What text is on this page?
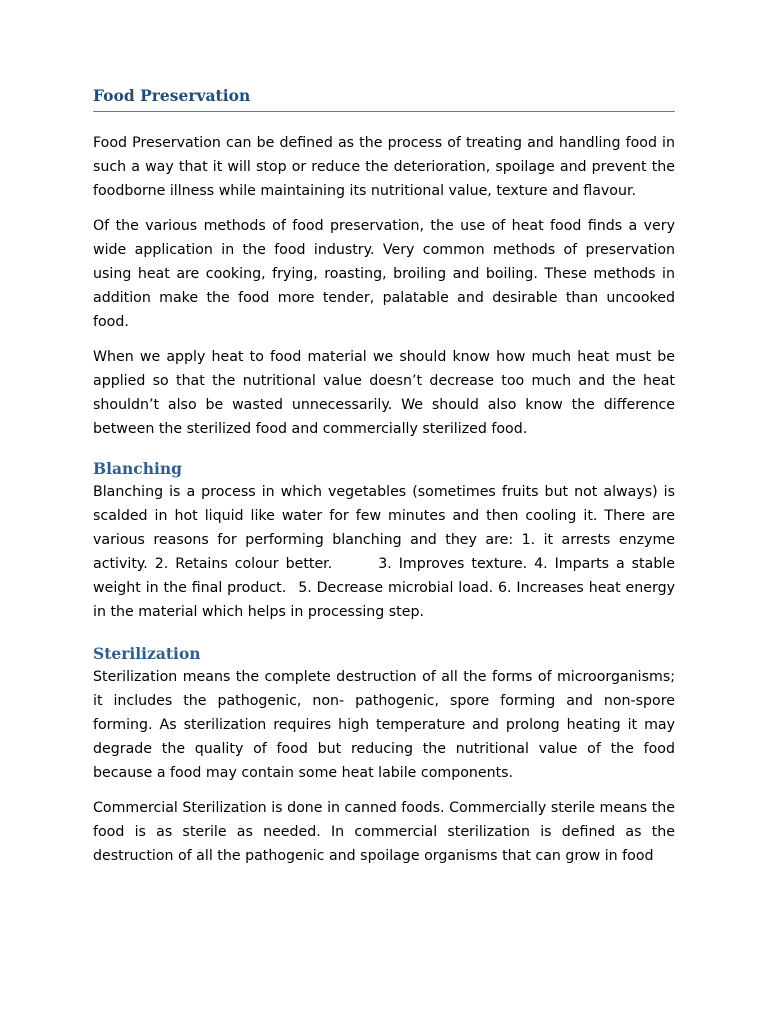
Food Preservation

Food Preservation can be defined as the process of treating and handling food in such a way that it will stop or reduce the deterioration, spoilage and prevent the foodborne illness while maintaining its nutritional value, texture and flavour.

Of the various methods of food preservation, the use of heat food finds a very wide application in the food industry. Very common methods of preservation using heat are cooking, frying, roasting, broiling and boiling. These methods in addition make the food more tender, palatable and desirable than uncooked food.

When we apply heat to food material we should know how much heat must be applied so that the nutritional value doesn’t decrease too much and the heat shouldn’t also be wasted unnecessarily. We should also know the difference between the sterilized food and commercially sterilized food.

Blanching

Blanching is a process in which vegetables (sometimes fruits but not always) is scalded in hot liquid like water for few minutes and then cooling it. There are various reasons for performing blanching and they are: 1. it arrests enzyme activity. 2. Retains colour better.	3. Improves texture. 4. Imparts a stable weight in the final product. 5. Decrease microbial load. 6. Increases heat energy in the material which helps in processing step.

Sterilization

Sterilization means the complete destruction of all the forms of microorganisms; it includes the pathogenic, non- pathogenic, spore forming and non-spore forming. As sterilization requires high temperature and prolong heating it may degrade the quality of food but reducing the nutritional value of the food because a food may contain some heat labile components.

Commercial Sterilization is done in canned foods. Commercially sterile means the food is as sterile as needed. In commercial sterilization is defined as the destruction of all the pathogenic and spoilage organisms that can grow in food
